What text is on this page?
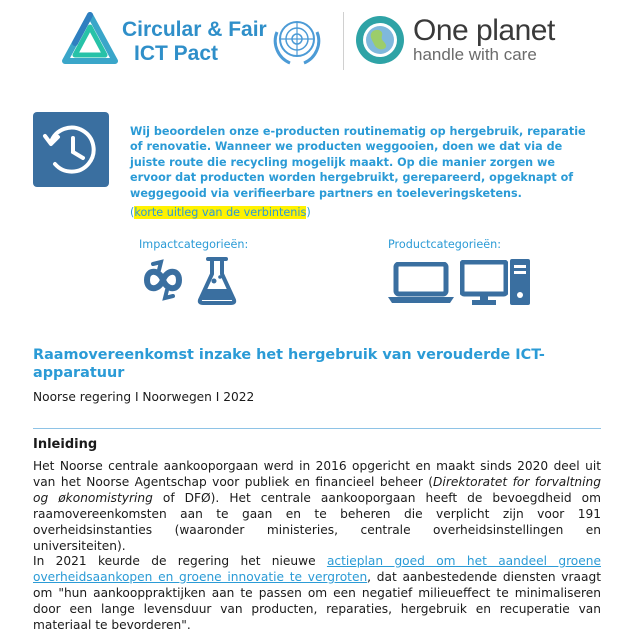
Circular & Fair
ICT Pact
One planet
handle with care
Wij beoordelen onze e-producten routinematig op hergebruik, reparatie of renovatie. Wanneer we producten weggooien, doen we dat via de juiste route die recycling mogelijk maakt. Op die manier zorgen we ervoor dat producten worden hergebruikt, gerepareerd, opgeknapt of weggegooid via verifieerbare partners en toeleveringsketens.
(korte uitleg van de verbintenis)
Impactcategorieën:	Productcategorieën:
Raamovereenkomst inzake het hergebruik van verouderde ICT-apparatuur
Noorse regering I Noorwegen I 2022
Inleiding
Het Noorse centrale aankooporgaan werd in 2016 opgericht en maakt sinds 2020 deel uit van het Noorse Agentschap voor publiek en financieel beheer (Direktoratet for forvaltning og økonomistyring of DFØ). Het centrale aankooporgaan heeft de bevoegdheid om raamovereenkomsten aan te gaan en te beheren die verplicht zijn voor 191 overheidsinstanties (waaronder ministeries, centrale overheidsinstellingen en universiteiten).
In 2021 keurde de regering het nieuwe actieplan goed om het aandeel groene overheidsaankopen en groene innovatie te vergroten, dat aanbestedende diensten vraagt om "hun aankooppraktijken aan te passen om een negatief milieueffect te minimaliseren door een lange levensduur van producten, reparaties, hergebruik en recuperatie van materiaal te bevorderen".
